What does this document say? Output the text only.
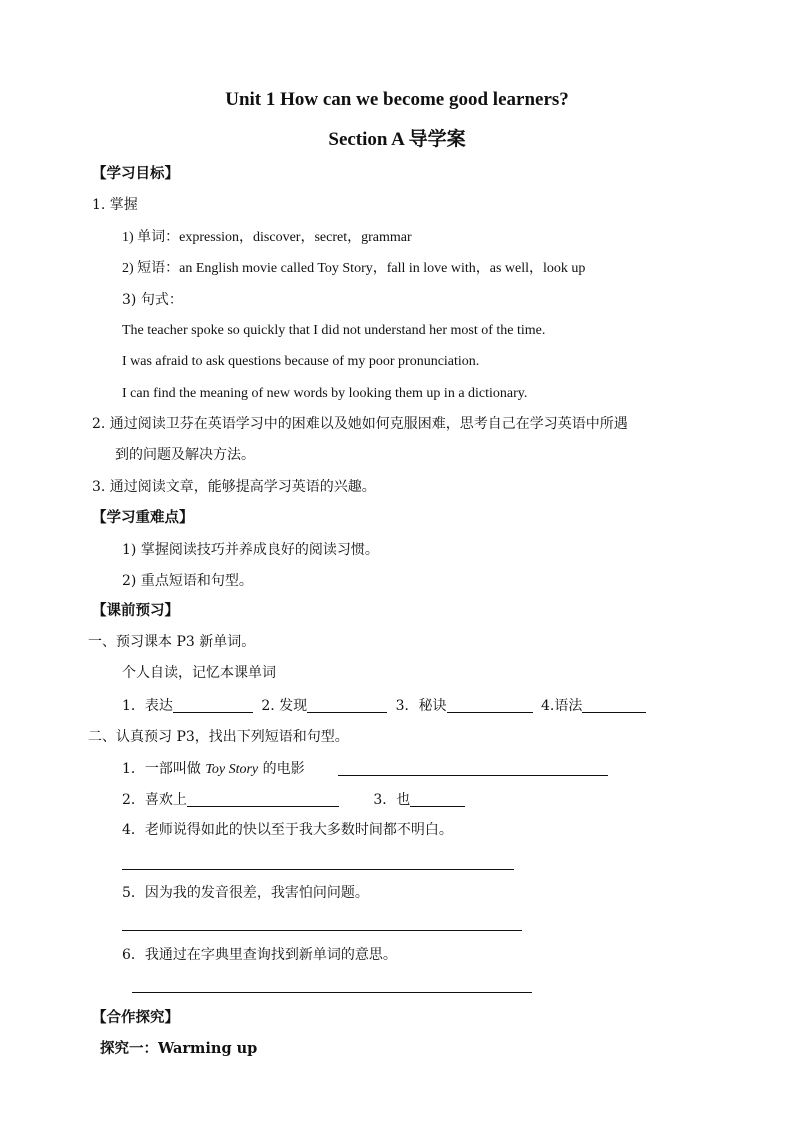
Unit 1 How can we become good learners?
Section A 导学案
【学习目标】
1. 掌握
1) 单词：expression，discover，secret，grammar
2) 短语：an English movie called Toy Story，fall in love with，as well，look up
3) 句式：
The teacher spoke so quickly that I did not understand her most of the time.
I was afraid to ask questions because of my poor pronunciation.
I can find the meaning of new words by looking them up in a dictionary.
2. 通过阅读卫芬在英语学习中的困难以及她如何克服困难，思考自己在学习英语中所遇
到的问题及解决方法。
3. 通过阅读文章，能够提高学习英语的兴趣。
【学习重难点】
1) 掌握阅读技巧并养成良好的阅读习惯。
2) 重点短语和句型。
【课前预习】
一、预习课本 P3 新单词。
个人自读，记忆本课单词
1．表达	2. 发现	3．秘诀	4.语法
二、认真预习 P3，找出下列短语和句型。
1．一部叫做 Toy Story 的电影
2．喜欢上	3．也
4．老师说得如此的快以至于我大多数时间都不明白。
5．因为我的发音很差，我害怕问问题。
6．我通过在字典里查询找到新单词的意思。
【合作探究】
探究一：Warming up
